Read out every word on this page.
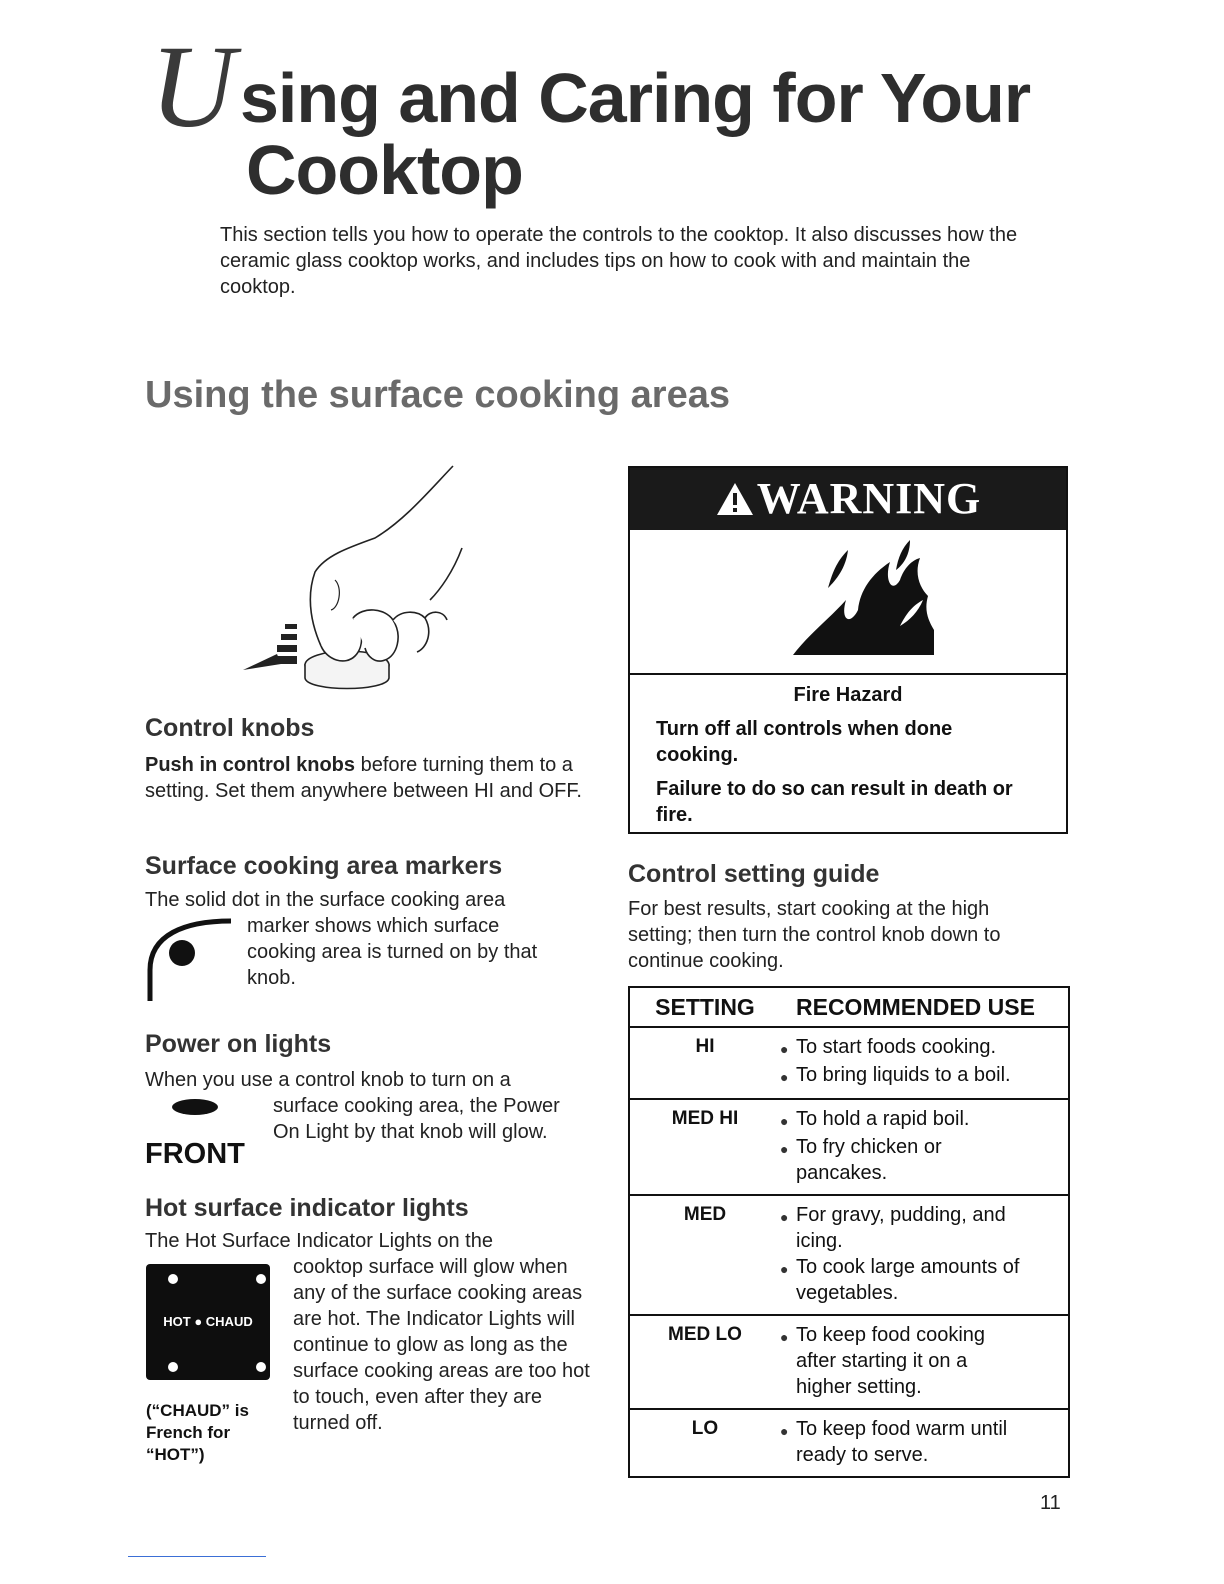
U sing and Caring for Your
Cooktop
This section tells you how to operate the controls to the cooktop. It also discusses how the ceramic glass cooktop works, and includes tips on how to cook with and maintain the cooktop.
Using the surface cooking areas
Control knobs
Push in control knobs before turning them to a setting. Set them anywhere between HI and OFF.
Surface cooking area markers
The solid dot in the surface cooking area
marker shows which surface cooking area is turned on by that knob.
Power on lights
When you use a control knob to turn on a
surface cooking area, the Power On Light by that knob will glow.
FRONT
Hot surface indicator lights
The Hot Surface Indicator Lights on the
HOT ● CHAUD
(“CHAUD” is French for “HOT”)
cooktop surface will glow when any of the surface cooking areas are hot. The Indicator Lights will continue to glow as long as the surface cooking areas are too hot to touch, even after they are turned off.
WARNING
Fire Hazard
Turn off all controls when done cooking.
Failure to do so can result in death or fire.
Control setting guide
For best results, start cooking at the high setting; then turn the control knob down to continue cooking.
SETTING	RECOMMENDED USE
HI	● To start foods cooking.
● To bring liquids to a boil.
MED HI	● To hold a rapid boil.
● To fry chicken or pancakes.
MED	● For gravy, pudding, and icing.
● To cook large amounts of vegetables.
MED LO	● To keep food cooking after starting it on a higher setting.
LO	● To keep food warm until ready to serve.
11
